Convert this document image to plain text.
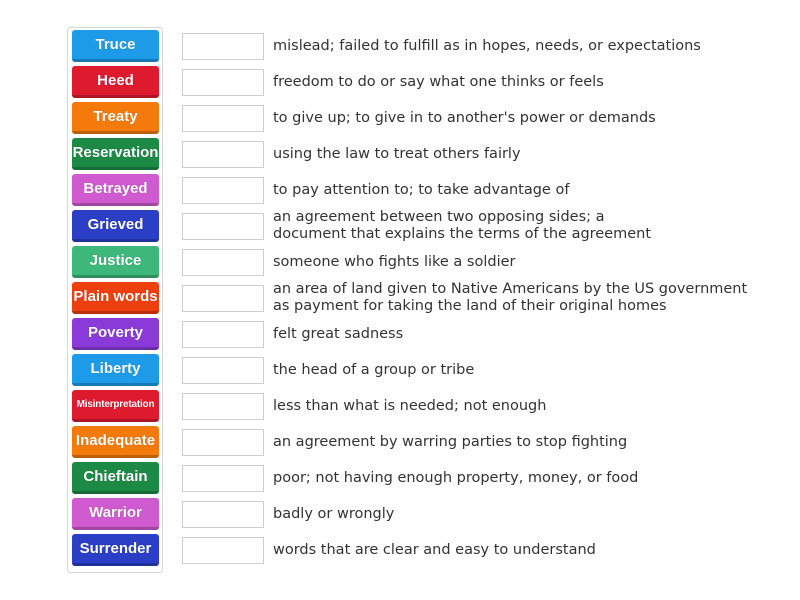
Truce
Heed
Treaty
Reservation
Betrayed
Grieved
Justice
Plain words
Poverty
Liberty
Misinterpretation
Inadequate
Chieftain
Warrior
Surrender
mislead; failed to fulfill as in hopes, needs, or expectations
freedom to do or say what one thinks or feels
to give up; to give in to another's power or demands
using the law to treat others fairly
to pay attention to; to take advantage of
an agreement between two opposing sides; a
document that explains the terms of the agreement
someone who fights like a soldier
an area of land given to Native Americans by the US government
as payment for taking the land of their original homes
felt great sadness
the head of a group or tribe
less than what is needed; not enough
an agreement by warring parties to stop fighting
poor; not having enough property, money, or food
badly or wrongly
words that are clear and easy to understand
